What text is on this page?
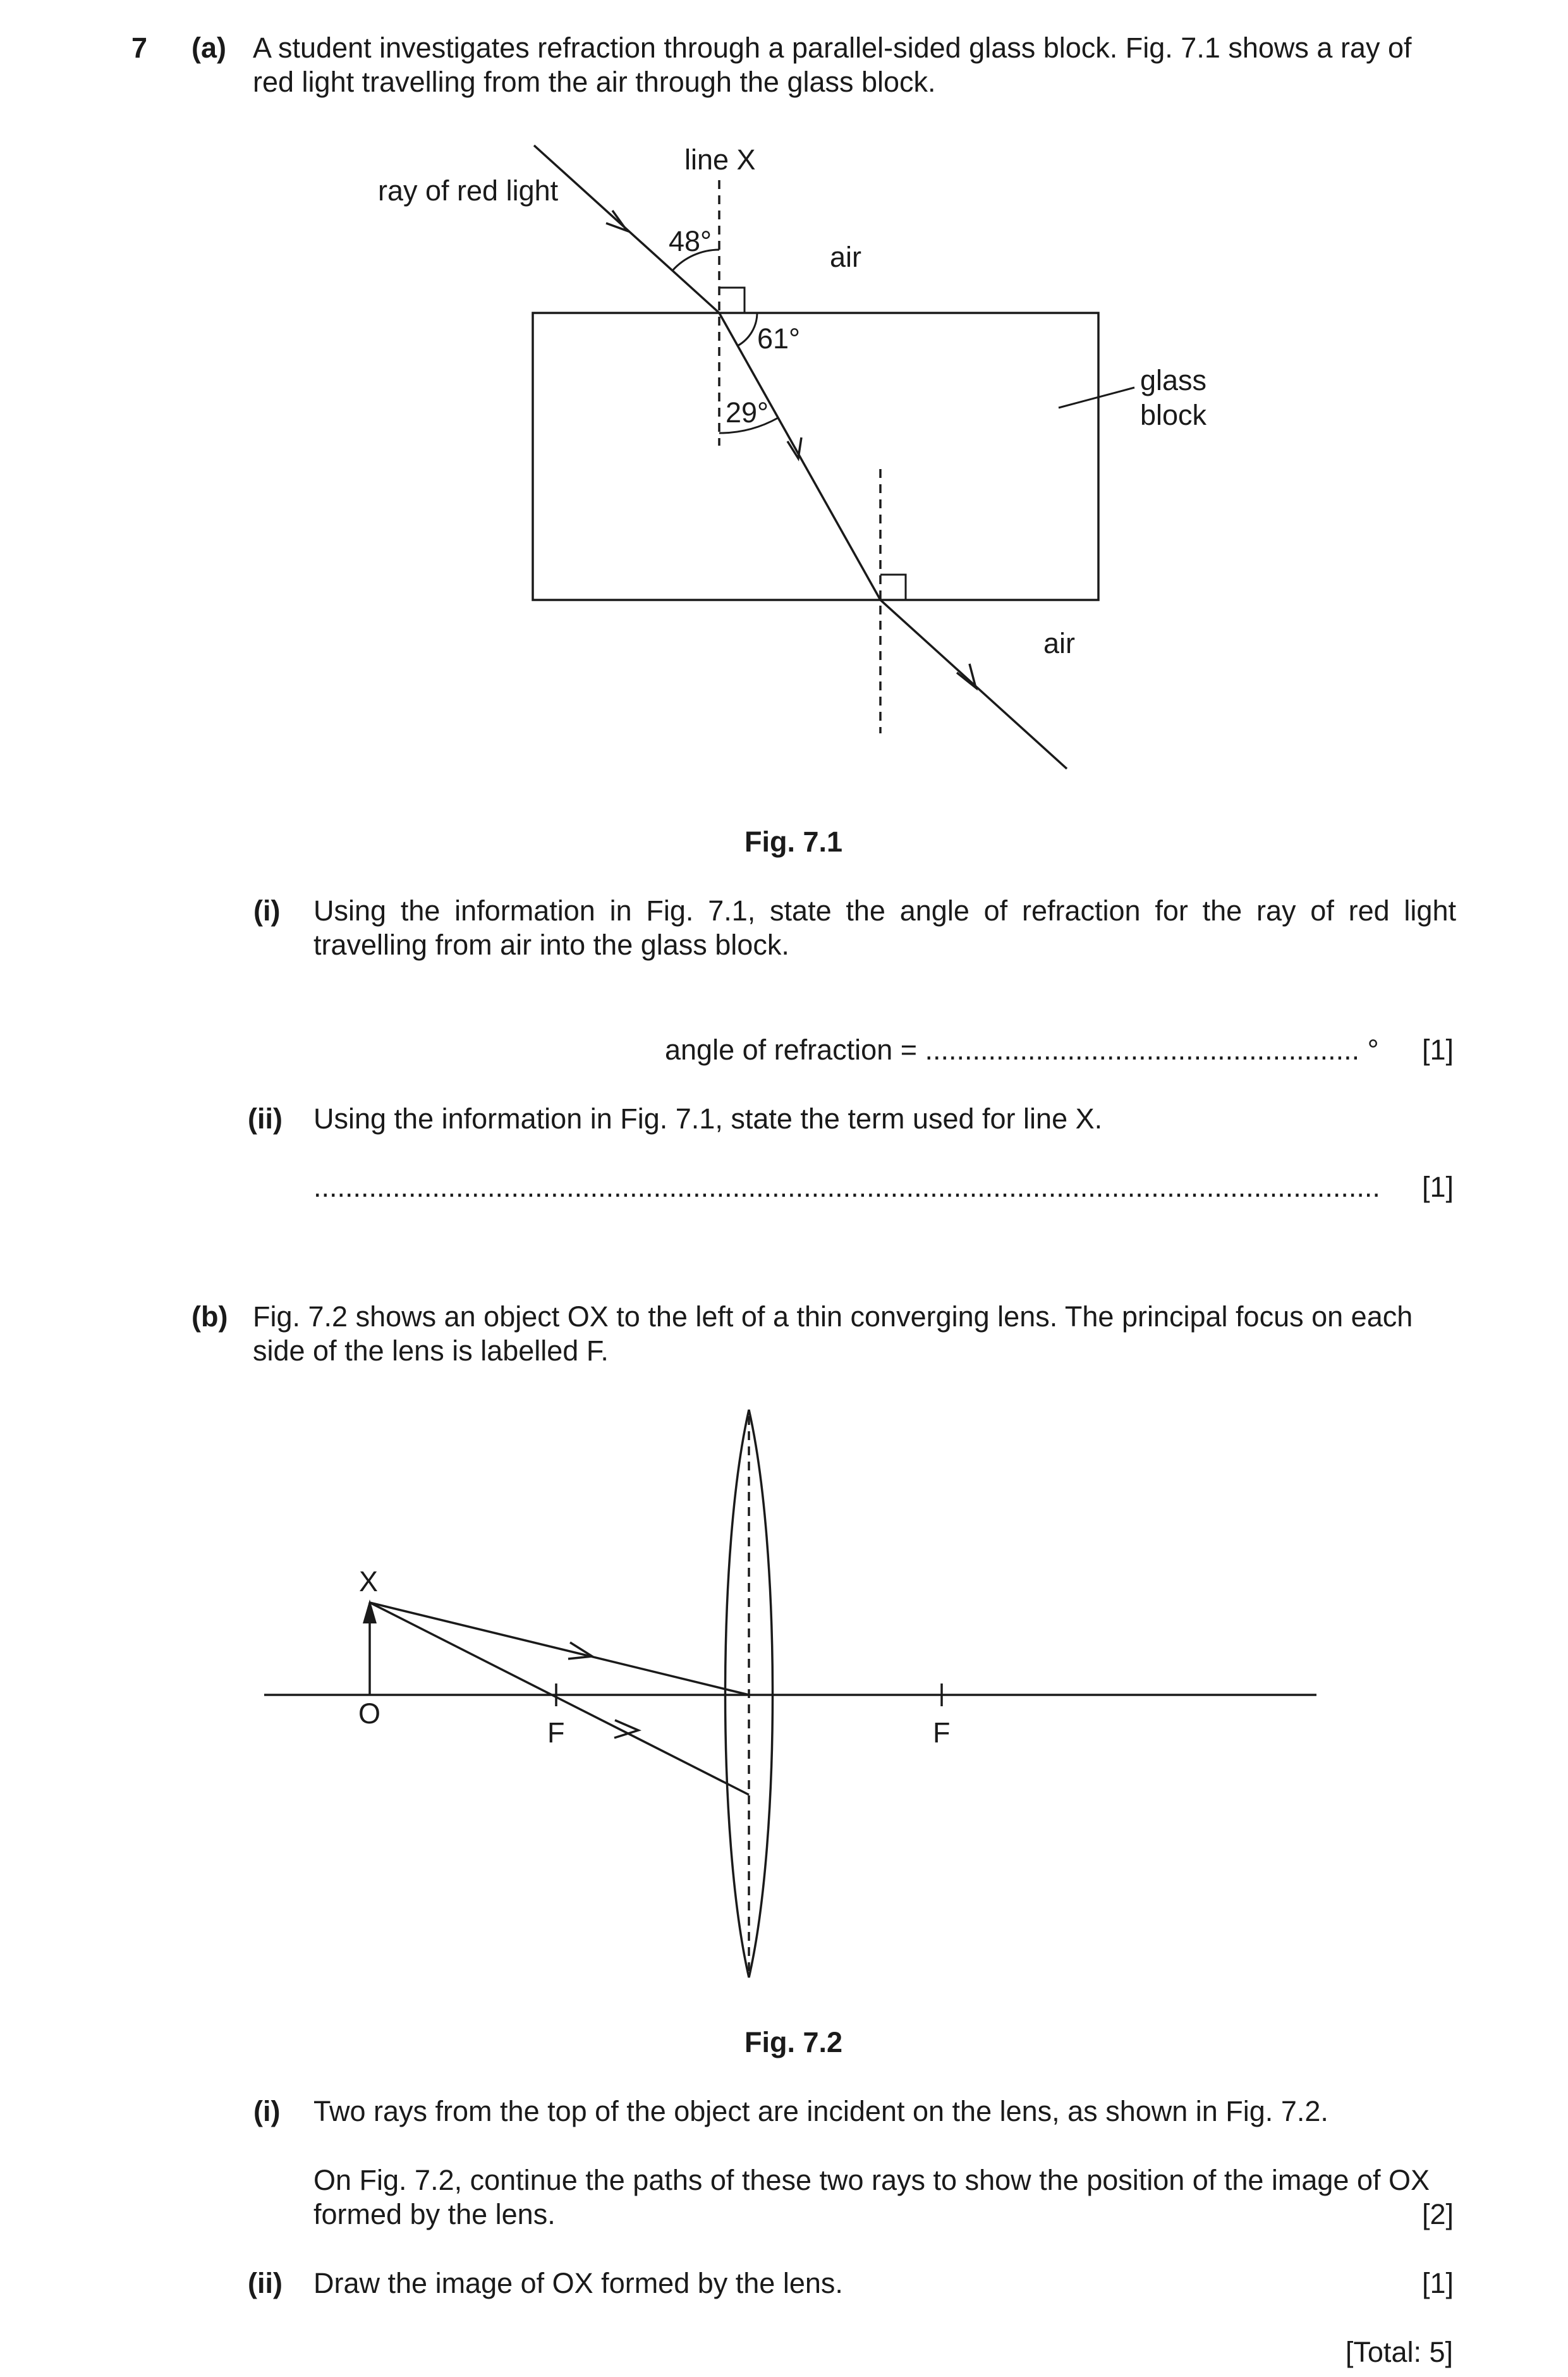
7 (a) A student investigates refraction through a parallel-sided glass block. Fig. 7.1 shows a ray of
red light travelling from the air through the glass block.
line X
ray of red light
48°	air
61°
29°
glass
block
air
Fig. 7.1
(i) Using the information in Fig. 7.1, state the angle of refraction for the ray of red light
travelling from air into the glass block.
angle of refraction = ....................................................... ° [1]
(ii) Using the information in Fig. 7.1, state the term used for line X.
.......................................................................................................................................	[1]
(b) Fig. 7.2 shows an object OX to the left of a thin converging lens. The principal focus on each
side of the lens is labelled F.
X
O
F	F
Fig. 7.2
(i) Two rays from the top of the object are incident on the lens, as shown in Fig. 7.2.
On Fig. 7.2, continue the paths of these two rays to show the position of the image of OX
formed by the lens.	[2]
(ii) Draw the image of OX formed by the lens.	[1]
[Total: 5]
